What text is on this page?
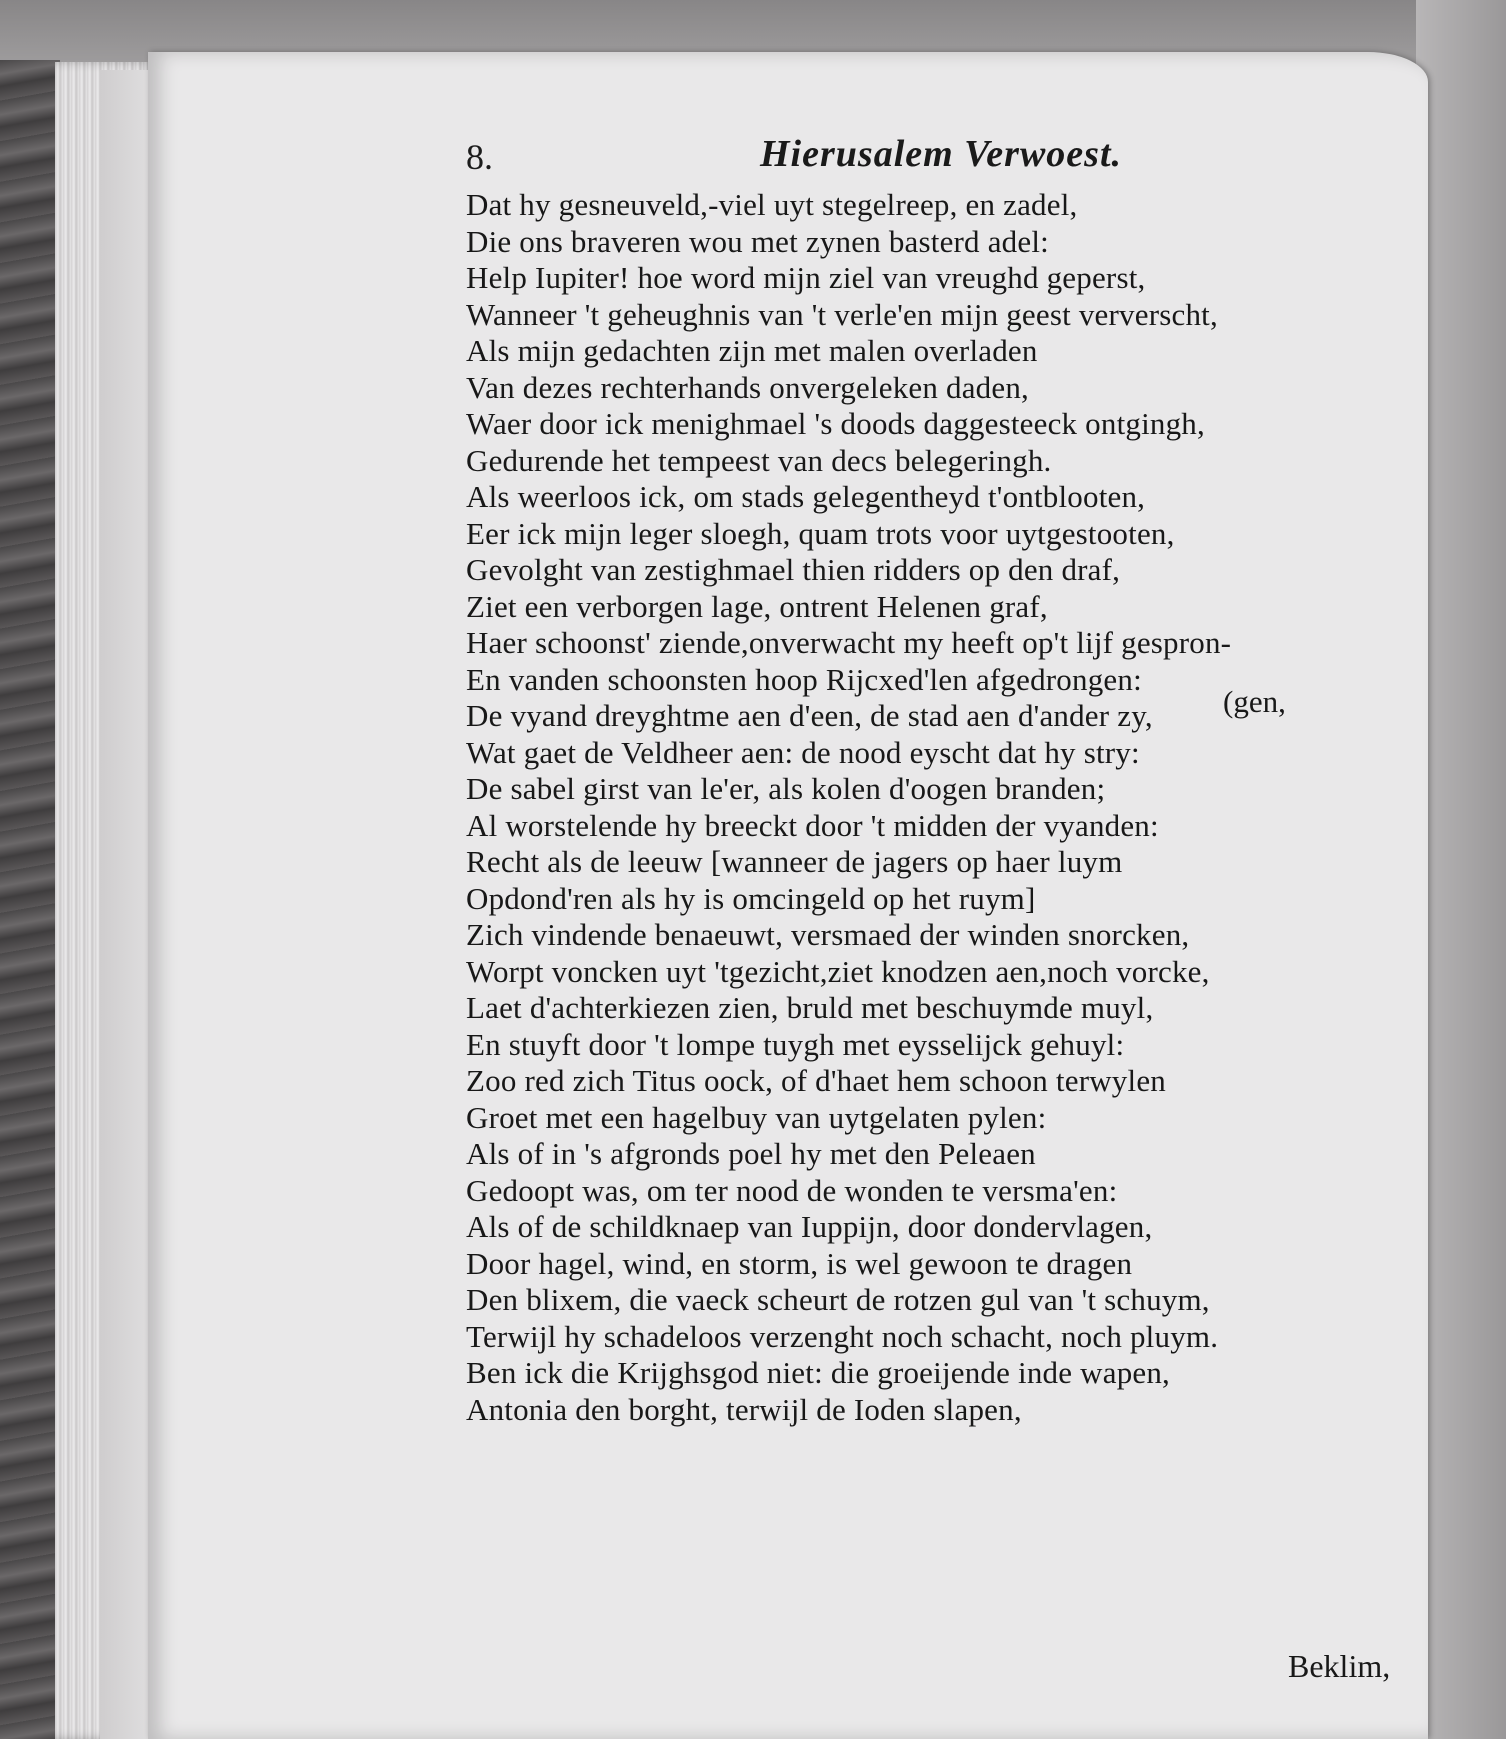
8.	Hierusalem Verwoest.
Dat hy gesneuveld,-viel uyt stegelreep, en zadel,
Die ons braveren wou met zynen basterd adel:
Help Iupiter! hoe word mijn ziel van vreughd geperst,
Wanneer 't geheughnis van 't verle'en mijn geest ververscht,
Als mijn gedachten zijn met malen overladen
Van dezes rechterhands onvergeleken daden,
Waer door ick menighmael 's doods daggesteeck ontgingh,
Gedurende het tempeest van decs belegeringh.
Als weerloos ick, om stads gelegentheyd t'ontblooten,
Eer ick mijn leger sloegh, quam trots voor uytgestooten,
Gevolght van zestighmael thien ridders op den draf,
Ziet een verborgen lage, ontrent Helenen graf,
Haer schoonst' ziende,onverwacht my heeft op't lijf gespron-
En vanden schoonsten hoop Rijcxed'len afgedrongen:
De vyand dreyghtme aen d'een, de stad aen d'ander zy,
Wat gaet de Veldheer aen: de nood eyscht dat hy stry:
De sabel girst van le'er, als kolen d'oogen branden;
Al worstelende hy breeckt door 't midden der vyanden:
Recht als de leeuw [wanneer de jagers op haer luym
Opdond'ren als hy is omcingeld op het ruym]
Zich vindende benaeuwt, versmaed der winden snorcken,
Worpt voncken uyt 'tgezicht,ziet knodzen aen,noch vorcke,
Laet d'achterkiezen zien, bruld met beschuymde muyl,
En stuyft door 't lompe tuygh met eysselijck gehuyl:
Zoo red zich Titus oock, of d'haet hem schoon terwylen
Groet met een hagelbuy van uytgelaten pylen:
Als of in 's afgronds poel hy met den Peleaen
Gedoopt was, om ter nood de wonden te versma'en:
Als of de schildknaep van Iuppijn, door dondervlagen,
Door hagel, wind, en storm, is wel gewoon te dragen
Den blixem, die vaeck scheurt de rotzen gul van 't schuym,
Terwijl hy schadeloos verzenght noch schacht, noch pluym.
Ben ick die Krijghsgod niet: die groeijende inde wapen,
Antonia den borght, terwijl de Ioden slapen,
(gen,
Beklim,
